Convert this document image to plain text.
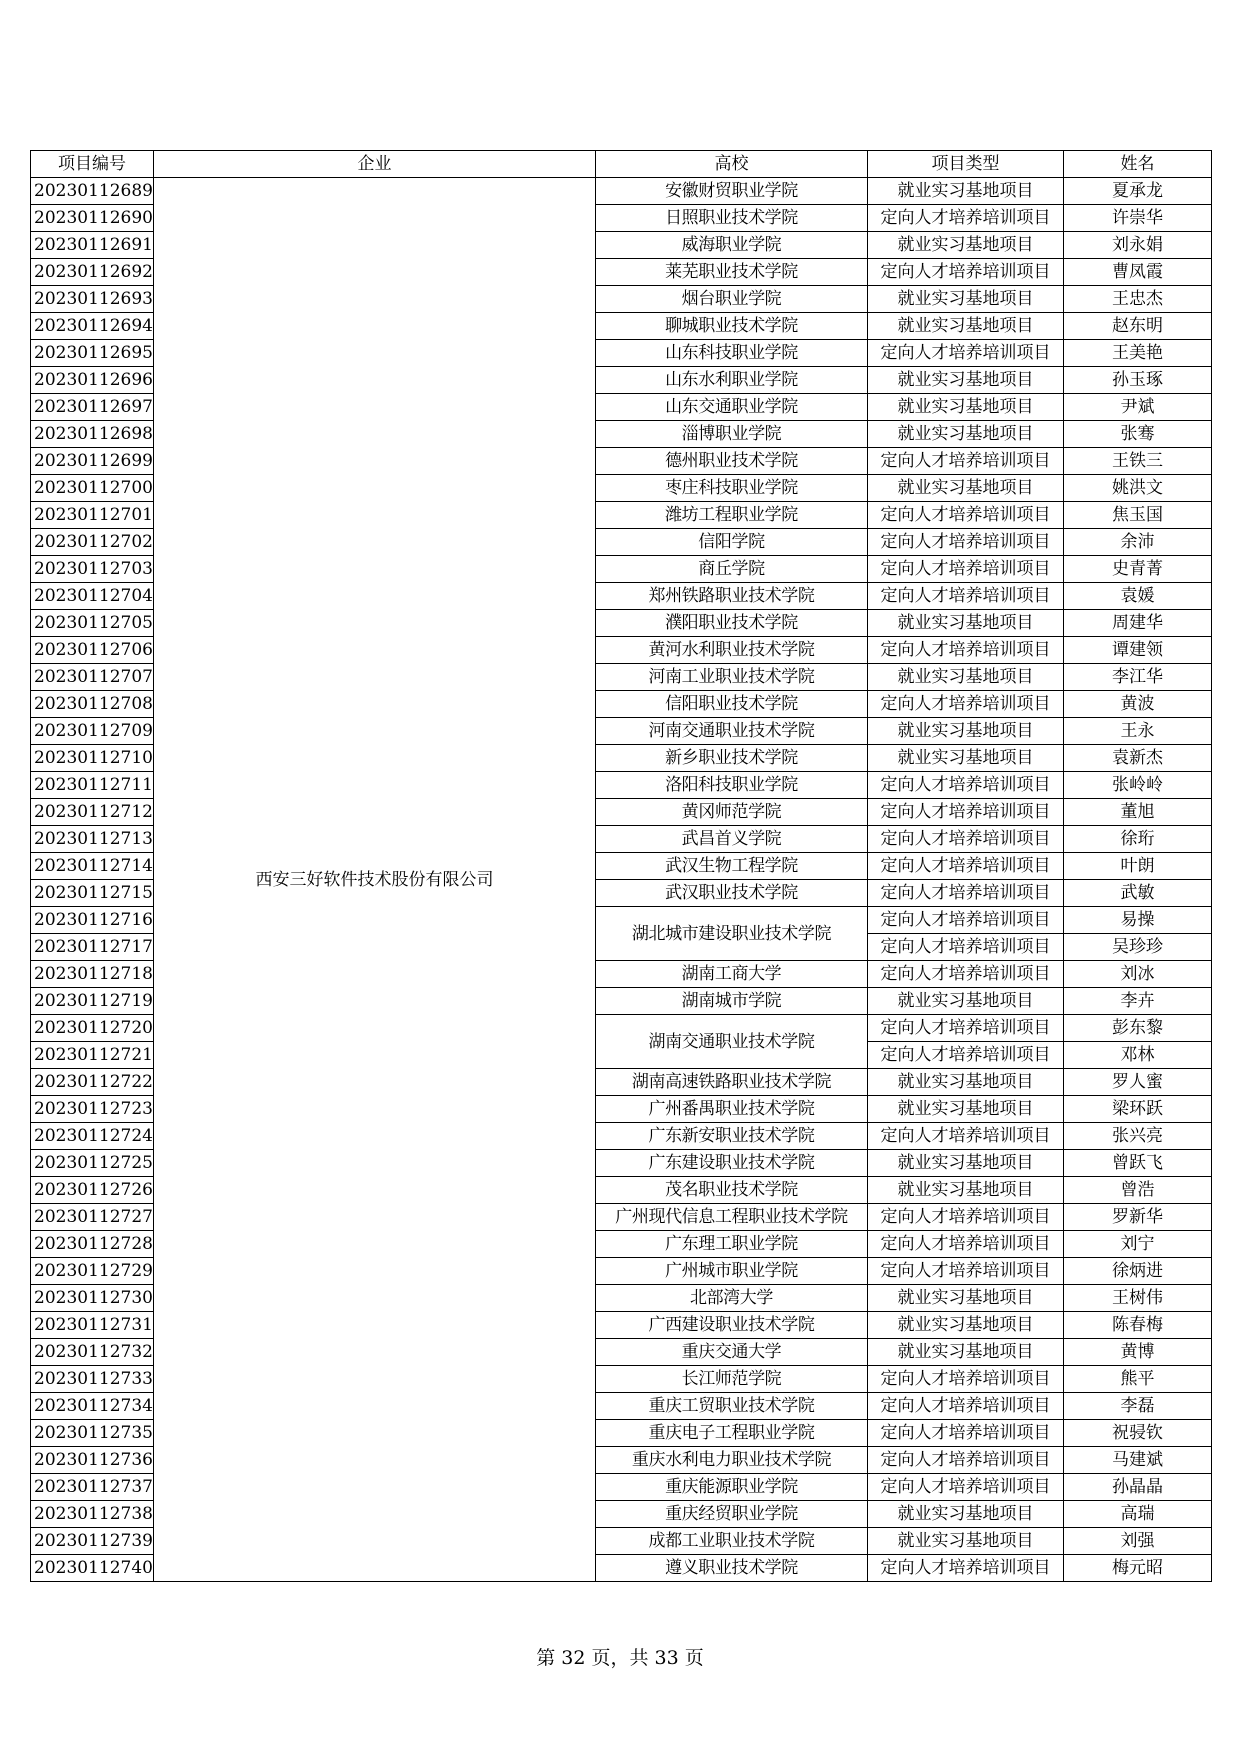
项目编号	企业	高校	项目类型	姓名
20230112689	西安三好软件技术股份有限公司	安徽财贸职业学院	就业实习基地项目	夏承龙
20230112690		日照职业技术学院	定向人才培养培训项目	许崇华
20230112691		威海职业学院	就业实习基地项目	刘永娟
20230112692		莱芜职业技术学院	定向人才培养培训项目	曹凤霞
20230112693		烟台职业学院	就业实习基地项目	王忠杰
20230112694		聊城职业技术学院	就业实习基地项目	赵东明
20230112695		山东科技职业学院	定向人才培养培训项目	王美艳
20230112696		山东水利职业学院	就业实习基地项目	孙玉琢
20230112697		山东交通职业学院	就业实习基地项目	尹斌
20230112698		淄博职业学院	就业实习基地项目	张骞
20230112699		德州职业技术学院	定向人才培养培训项目	王铁三
20230112700		枣庄科技职业学院	就业实习基地项目	姚洪文
20230112701		潍坊工程职业学院	定向人才培养培训项目	焦玉国
20230112702		信阳学院	定向人才培养培训项目	余沛
20230112703		商丘学院	定向人才培养培训项目	史青菁
20230112704		郑州铁路职业技术学院	定向人才培养培训项目	袁媛
20230112705		濮阳职业技术学院	就业实习基地项目	周建华
20230112706		黄河水利职业技术学院	定向人才培养培训项目	谭建领
20230112707		河南工业职业技术学院	就业实习基地项目	李江华
20230112708		信阳职业技术学院	定向人才培养培训项目	黄波
20230112709		河南交通职业技术学院	就业实习基地项目	王永
20230112710		新乡职业技术学院	就业实习基地项目	袁新杰
20230112711		洛阳科技职业学院	定向人才培养培训项目	张岭岭
20230112712		黄冈师范学院	定向人才培养培训项目	董旭
20230112713		武昌首义学院	定向人才培养培训项目	徐珩
20230112714		武汉生物工程学院	定向人才培养培训项目	叶朗
20230112715		武汉职业技术学院	定向人才培养培训项目	武敏
20230112716		湖北城市建设职业技术学院	定向人才培养培训项目	易操
20230112717			定向人才培养培训项目	吴珍珍
20230112718		湖南工商大学	定向人才培养培训项目	刘冰
20230112719		湖南城市学院	就业实习基地项目	李卉
20230112720		湖南交通职业技术学院	定向人才培养培训项目	彭东黎
20230112721			定向人才培养培训项目	邓林
20230112722		湖南高速铁路职业技术学院	就业实习基地项目	罗人蜜
20230112723		广州番禺职业技术学院	就业实习基地项目	梁环跃
20230112724		广东新安职业技术学院	定向人才培养培训项目	张兴亮
20230112725		广东建设职业技术学院	就业实习基地项目	曾跃飞
20230112726		茂名职业技术学院	就业实习基地项目	曾浩
20230112727		广州现代信息工程职业技术学院	定向人才培养培训项目	罗新华
20230112728		广东理工职业学院	定向人才培养培训项目	刘宁
20230112729		广州城市职业学院	定向人才培养培训项目	徐炳进
20230112730		北部湾大学	就业实习基地项目	王树伟
20230112731		广西建设职业技术学院	就业实习基地项目	陈春梅
20230112732		重庆交通大学	就业实习基地项目	黄博
20230112733		长江师范学院	定向人才培养培训项目	熊平
20230112734		重庆工贸职业技术学院	定向人才培养培训项目	李磊
20230112735		重庆电子工程职业学院	定向人才培养培训项目	祝骎钦
20230112736		重庆水利电力职业技术学院	定向人才培养培训项目	马建斌
20230112737		重庆能源职业学院	定向人才培养培训项目	孙晶晶
20230112738		重庆经贸职业学院	就业实习基地项目	高瑞
20230112739		成都工业职业技术学院	就业实习基地项目	刘强
20230112740		遵义职业技术学院	定向人才培养培训项目	梅元昭
第 32 页，共 33 页
